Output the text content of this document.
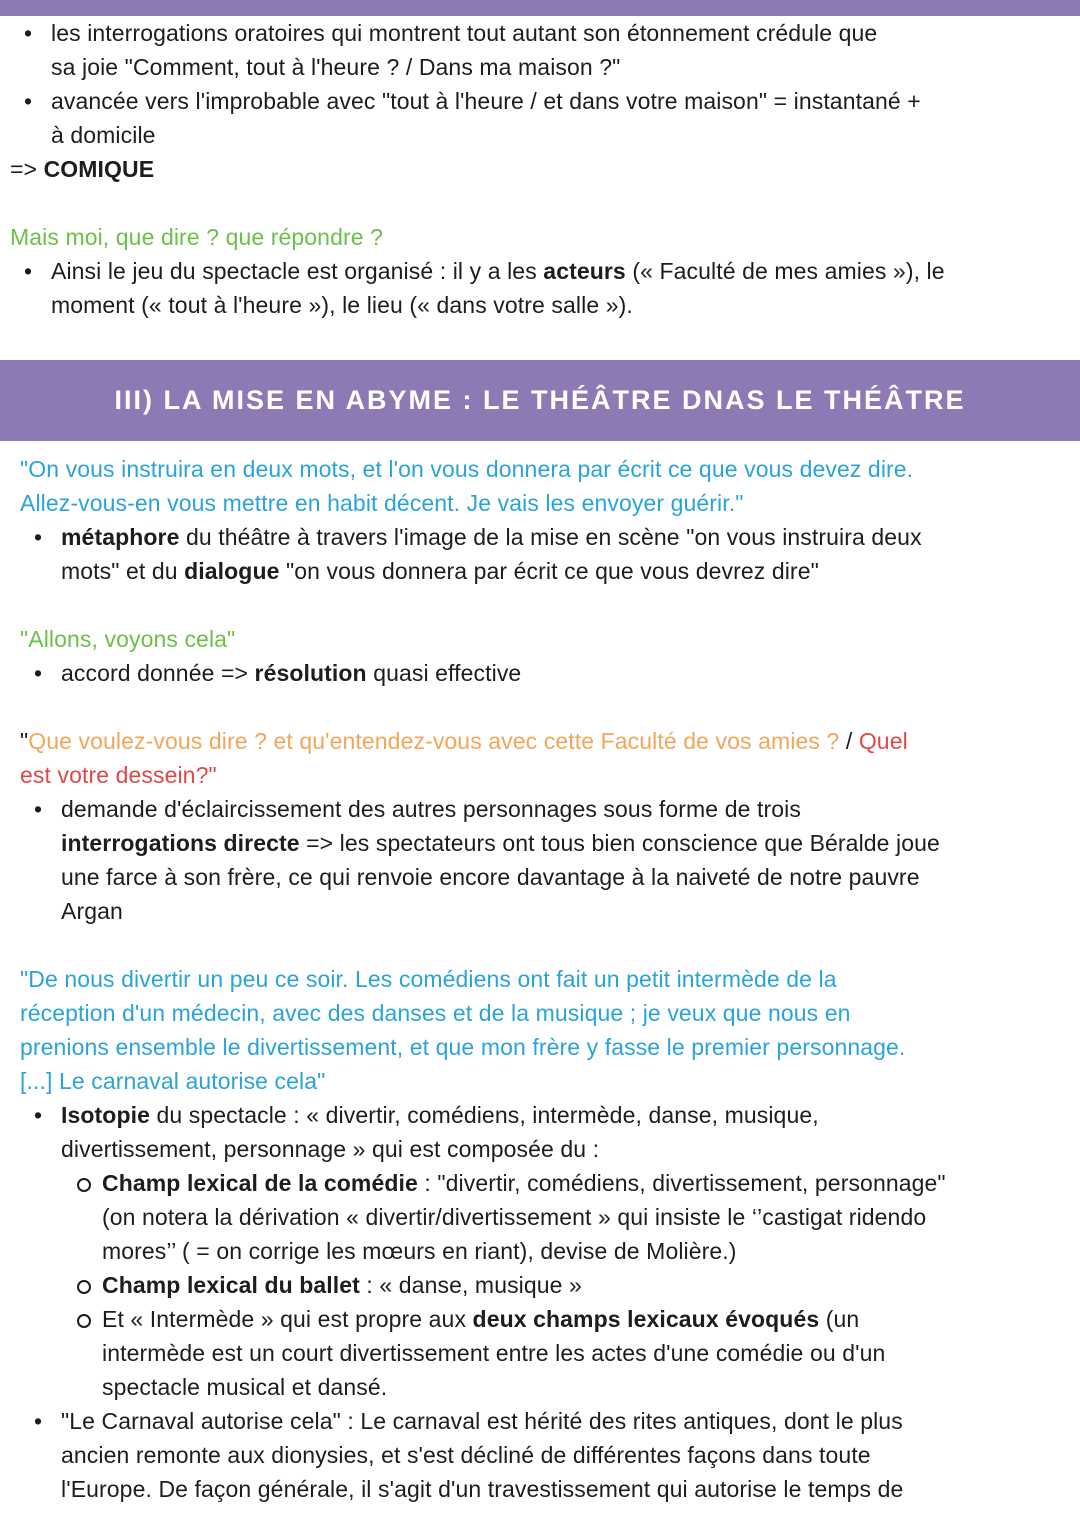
• les interrogations oratoires qui montrent tout autant son étonnement crédule que
sa joie "Comment, tout à l'heure ? / Dans ma maison ?"
• avancée vers l'improbable avec "tout à l'heure / et dans votre maison" = instantané +
à domicile
=> COMIQUE
Mais moi, que dire ? que répondre ?
• Ainsi le jeu du spectacle est organisé : il y a les acteurs (« Faculté de mes amies »), le
moment (« tout à l'heure »), le lieu (« dans votre salle »).
III) LA MISE EN ABYME : LE THÉÂTRE DNAS LE THÉÂTRE
"On vous instruira en deux mots, et l'on vous donnera par écrit ce que vous devez dire.
Allez-vous-en vous mettre en habit décent. Je vais les envoyer guérir."
• métaphore du théâtre à travers l'image de la mise en scène "on vous instruira deux
mots" et du dialogue "on vous donnera par écrit ce que vous devrez dire"
"Allons, voyons cela"
• accord donnée => résolution quasi effective
"Que voulez-vous dire ? et qu'entendez-vous avec cette Faculté de vos amies ? / Quel
est votre dessein?"
• demande d'éclaircissement des autres personnages sous forme de trois
interrogations directe => les spectateurs ont tous bien conscience que Béralde joue
une farce à son frère, ce qui renvoie encore davantage à la naiveté de notre pauvre
Argan
"De nous divertir un peu ce soir. Les comédiens ont fait un petit intermède de la
réception d'un médecin, avec des danses et de la musique ; je veux que nous en
prenions ensemble le divertissement, et que mon frère y fasse le premier personnage.
[...] Le carnaval autorise cela"
• Isotopie du spectacle : « divertir, comédiens, intermède, danse, musique,
divertissement, personnage » qui est composée du :
Champ lexical de la comédie : "divertir, comédiens, divertissement, personnage"
(on notera la dérivation « divertir/divertissement » qui insiste le ‘’castigat ridendo
mores’’ ( = on corrige les mœurs en riant), devise de Molière.)
Champ lexical du ballet : « danse, musique »
Et « Intermède » qui est propre aux deux champs lexicaux évoqués (un
intermède est un court divertissement entre les actes d'une comédie ou d'un
spectacle musical et dansé.
• "Le Carnaval autorise cela" : Le carnaval est hérité des rites antiques, dont le plus
ancien remonte aux dionysies, et s'est décliné de différentes façons dans toute
l'Europe. De façon générale, il s'agit d'un travestissement qui autorise le temps de
